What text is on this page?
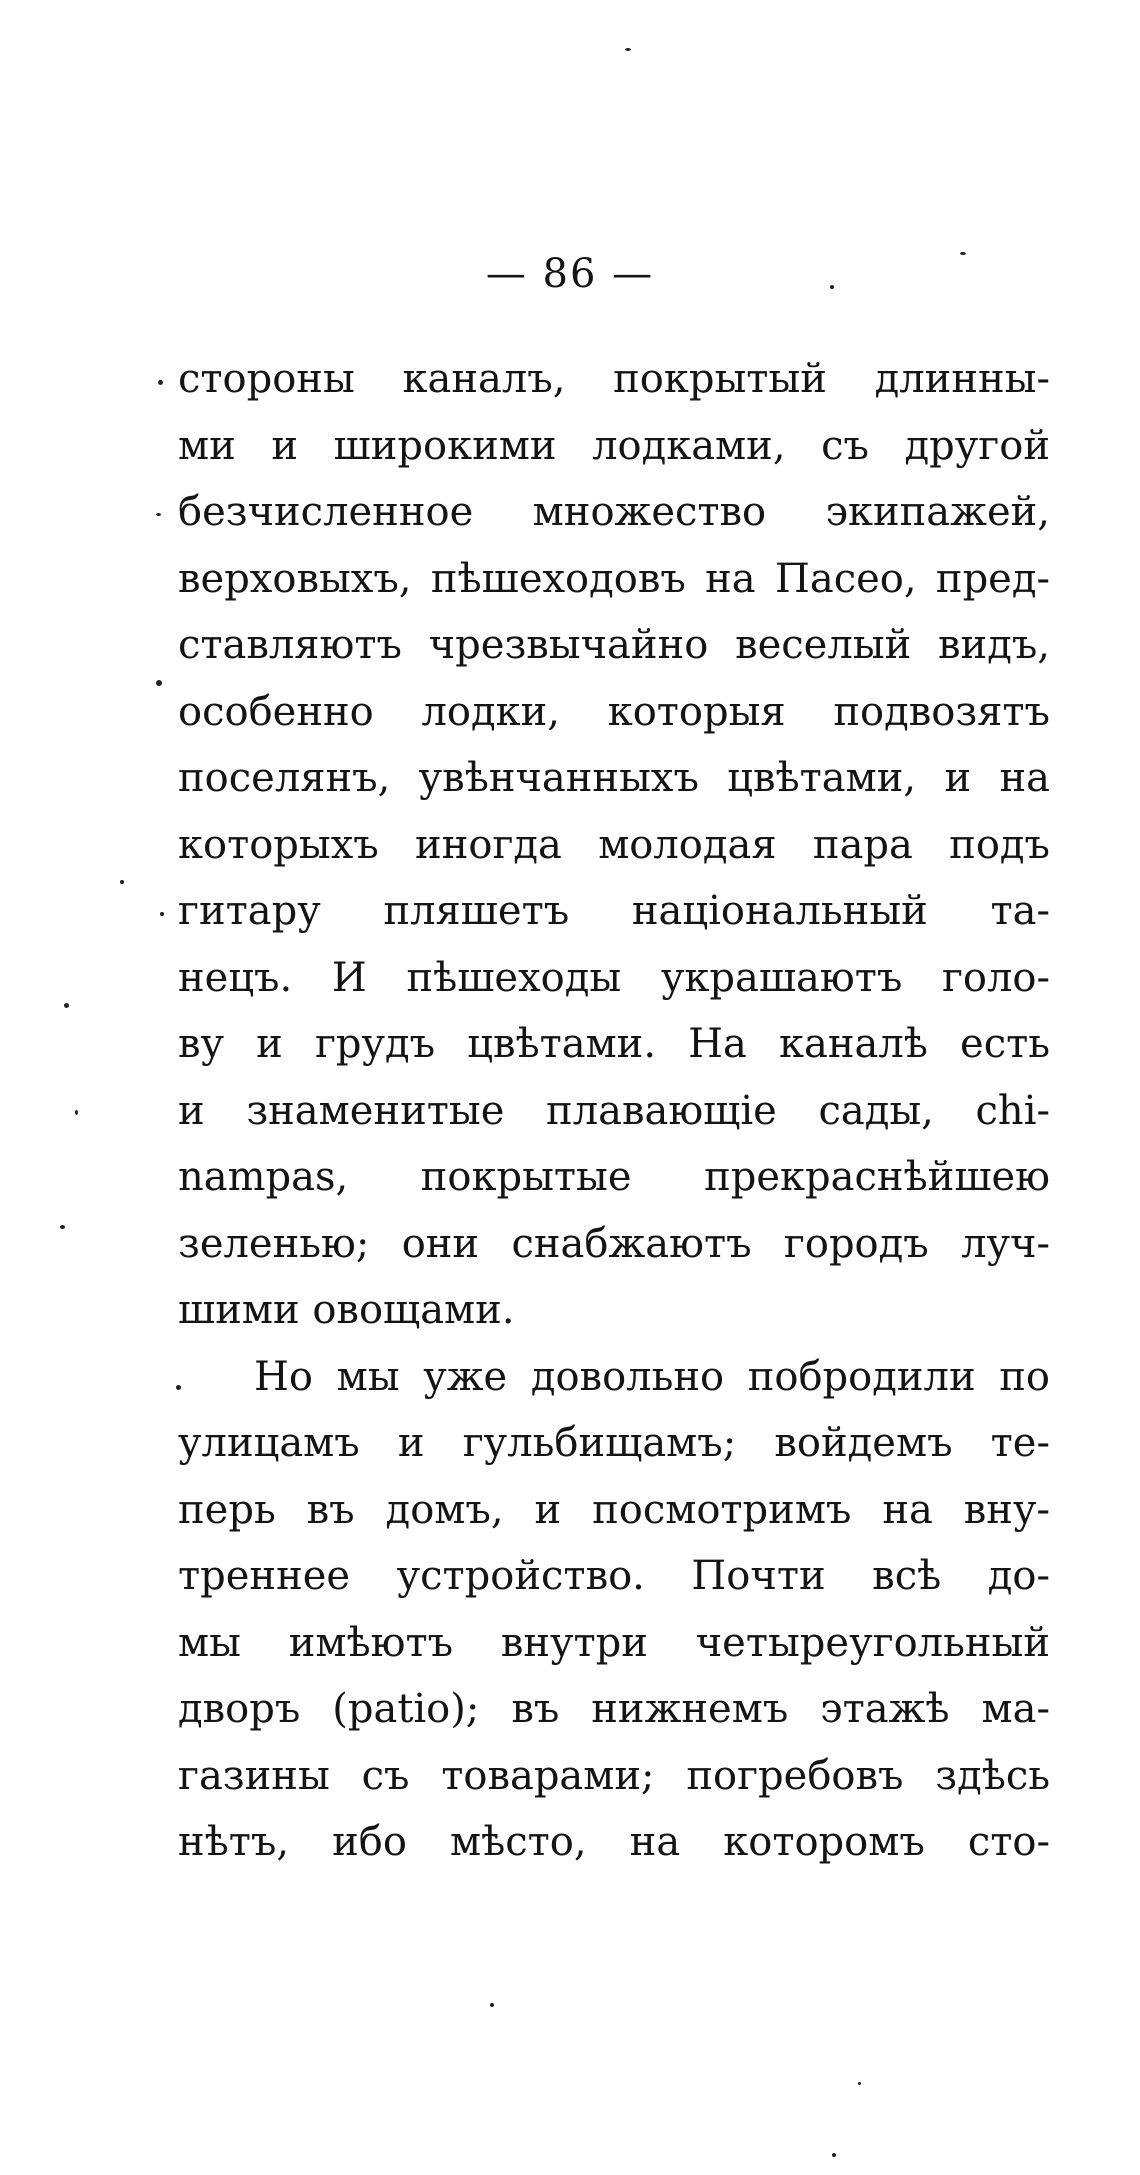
— 86 —
стороны каналъ, покрытый длинны-
ми и широкими лодками, съ другой
безчисленное множество экипажей,
верховыхъ, пѣшеходовъ на Пасео, пред-
ставляютъ чрезвычайно веселый видъ,
особенно лодки, которыя подвозятъ
поселянъ, увѣнчанныхъ цвѣтами, и на
которыхъ иногда молодая пара подъ
гитару пляшетъ національный та-
нецъ. И пѣшеходы украшаютъ голо-
ву и грудъ цвѣтами. На каналѣ есть
и знаменитые плавающіе сады, chi-
nampas, покрытые прекраснѣйшею
зеленью; они снабжаютъ городъ луч-
шими овощами.
Но мы уже довольно побродили по
улицамъ и гульбищамъ; войдемъ те-
перь въ домъ, и посмотримъ на вну-
треннее устройство. Почти всѣ до-
мы имѣютъ внутри четыреугольный
дворъ (patio); въ нижнемъ этажѣ ма-
газины съ товарами; погребовъ здѣсь
нѣтъ, ибо мѣсто, на которомъ сто-
